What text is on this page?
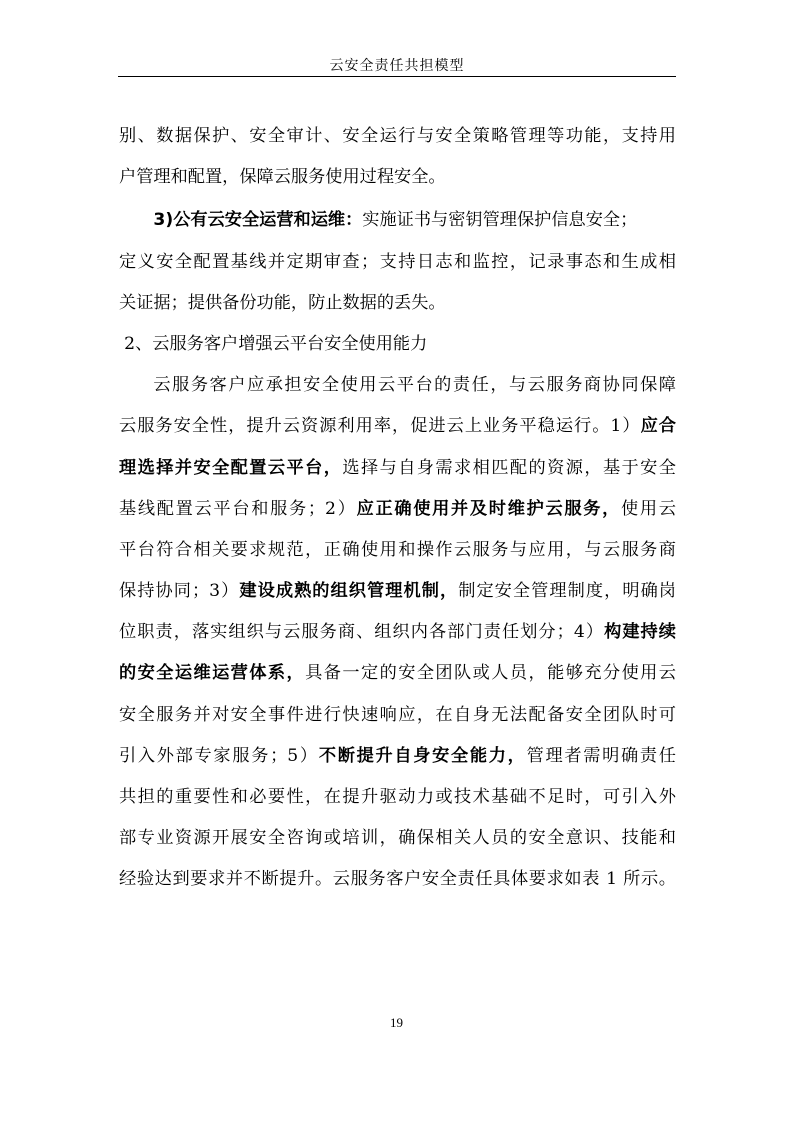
云安全责任共担模型
别、数据保护、安全审计、安全运行与安全策略管理等功能，支持用
户管理和配置，保障云服务使用过程安全。
3)公有云安全运营和运维：实施证书与密钥管理保护信息安全；
定义安全配置基线并定期审查；支持日志和监控，记录事态和生成相
关证据；提供备份功能，防止数据的丢失。
2、云服务客户增强云平台安全使用能力
云服务客户应承担安全使用云平台的责任，与云服务商协同保障
云服务安全性，提升云资源利用率，促进云上业务平稳运行。1）应合
理选择并安全配置云平台，选择与自身需求相匹配的资源，基于安全
基线配置云平台和服务；2）应正确使用并及时维护云服务，使用云
平台符合相关要求规范，正确使用和操作云服务与应用，与云服务商
保持协同；3）建设成熟的组织管理机制，制定安全管理制度，明确岗
位职责，落实组织与云服务商、组织内各部门责任划分；4）构建持续
的安全运维运营体系，具备一定的安全团队或人员，能够充分使用云
安全服务并对安全事件进行快速响应，在自身无法配备安全团队时可
引入外部专家服务；5）不断提升自身安全能力，管理者需明确责任
共担的重要性和必要性，在提升驱动力或技术基础不足时，可引入外
部专业资源开展安全咨询或培训，确保相关人员的安全意识、技能和
经验达到要求并不断提升。云服务客户安全责任具体要求如表 1 所示。
19
